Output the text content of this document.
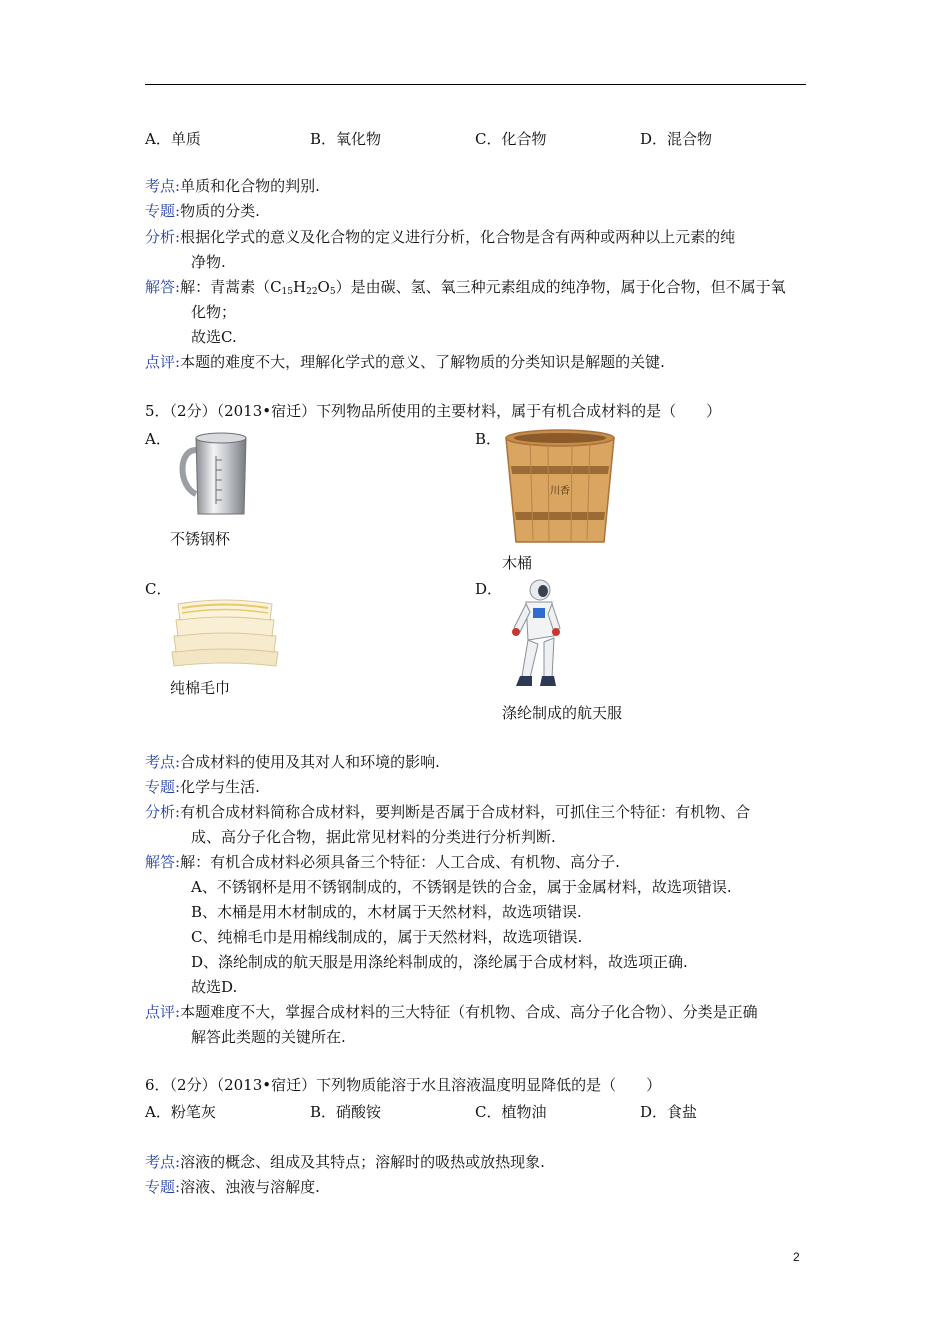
A．单质	B．氧化物	C．化合物	D．混合物
考点:单质和化合物的判别.
专题:物质的分类.
分析:根据化学式的意义及化合物的定义进行分析，化合物是含有两种或两种以上元素的纯
净物.
解答:解：青蒿素$(C_{15}H_{22}O_5)$是由碳、氢、氧三种元素组成的纯净物，属于化合物，但不属于氧
化物；
故选C.
点评:本题的难度不大，理解化学式的意义、了解物质的分类知识是解题的关键.
5．（2分）（2013•宿迁）下列物品所使用的主要材料，属于有机合成材料的是（　　）
A．
不锈钢杯
B．
川香
木桶
C．
纯棉毛巾
D．
涤纶制成的航天服
考点:合成材料的使用及其对人和环境的影响.
专题:化学与生活.
分析:有机合成材料简称合成材料，要判断是否属于合成材料，可抓住三个特征：有机物、合
成、高分子化合物，据此常见材料的分类进行分析判断.
解答:解：有机合成材料必须具备三个特征：人工合成、有机物、高分子.
A、不锈钢杯是用不锈钢制成的，不锈钢是铁的合金，属于金属材料，故选项错误.
B、木桶是用木材制成的，木材属于天然材料，故选项错误.
C、纯棉毛巾是用棉线制成的，属于天然材料，故选项错误.
D、涤纶制成的航天服是用涤纶料制成的，涤纶属于合成材料，故选项正确.
故选D.
点评:本题难度不大，掌握合成材料的三大特征（有机物、合成、高分子化合物）、分类是正确
解答此类题的关键所在.
6．（2分）（2013•宿迁）下列物质能溶于水且溶液温度明显降低的是（　　）
A．粉笔灰	B．硝酸铵	C．植物油	D．食盐
考点:溶液的概念、组成及其特点；溶解时的吸热或放热现象.
专题:溶液、浊液与溶解度.
2
